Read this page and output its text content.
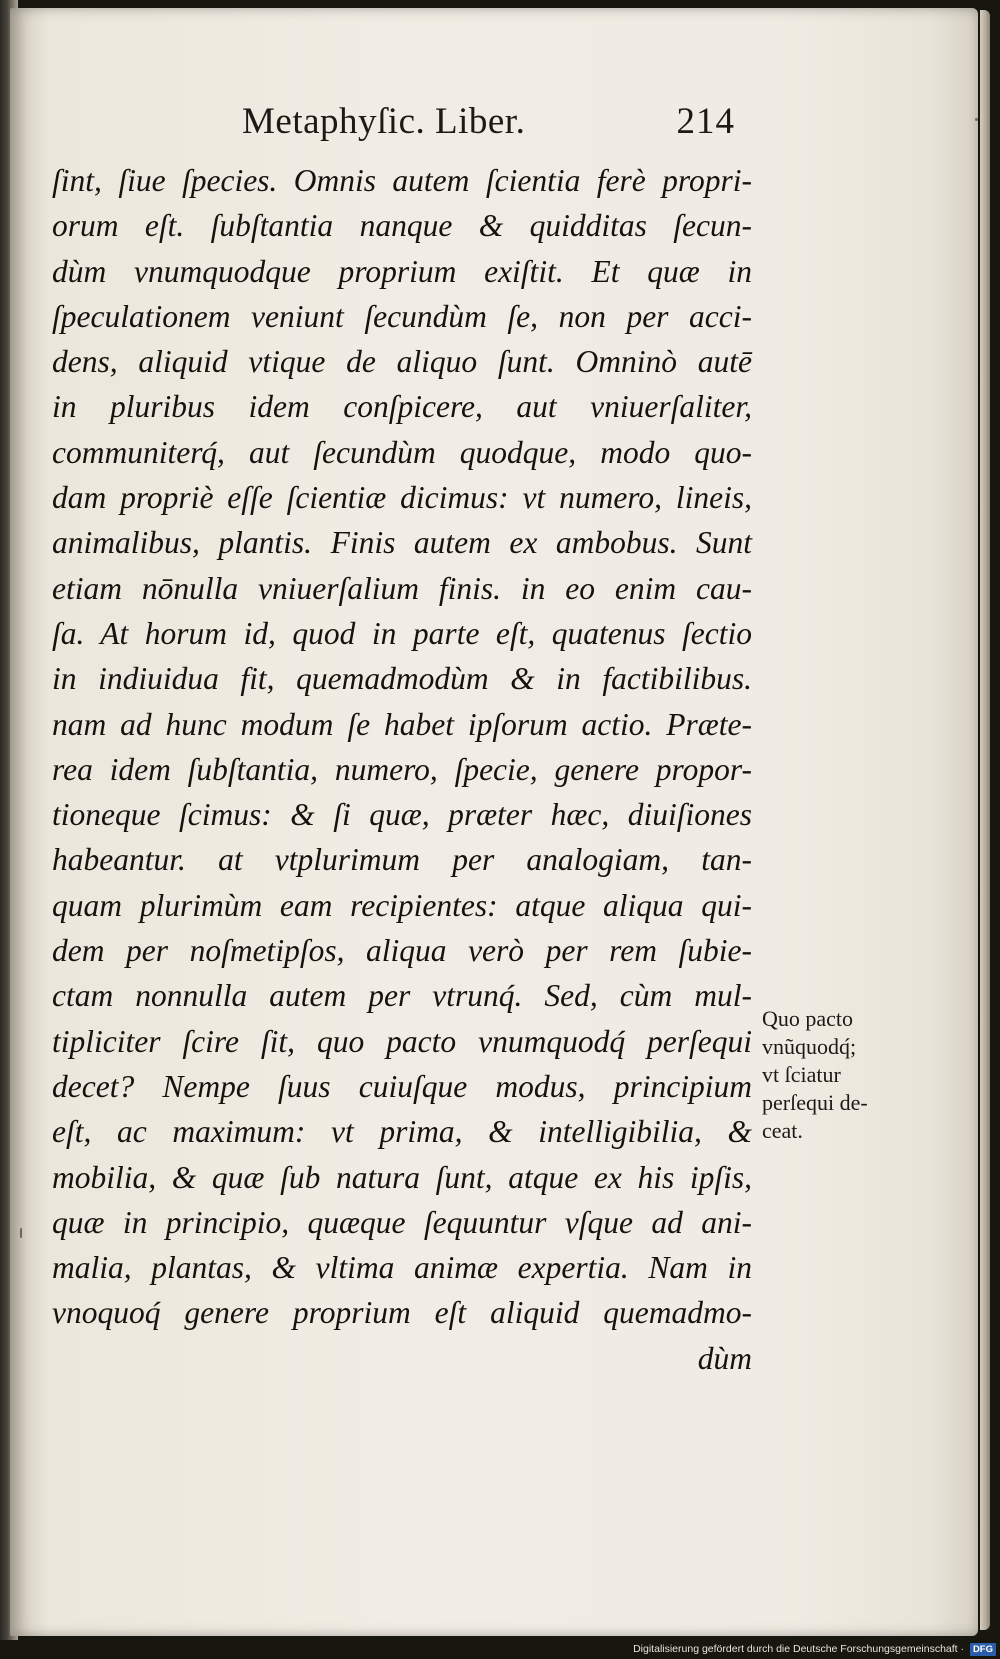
Metaphyſic. Liber.	214
ſint, ſiue ſpecies. Omnis autem ſcientia ferè propri-
orum eſt. ſubſtantia nanque & quidditas ſecun-
dùm vnumquodque proprium exiſtit. Et quæ in
ſpeculationem veniunt ſecundùm ſe, non per acci-
dens, aliquid vtique de aliquo ſunt. Omninò autē
in pluribus idem conſpicere, aut vniuerſaliter,
communiterq́, aut ſecundùm quodque, modo quo-
dam propriè eſſe ſcientiæ dicimus: vt numero, lineis,
animalibus, plantis. Finis autem ex ambobus. Sunt
etiam nōnulla vniuerſalium finis. in eo enim cau-
ſa. At horum id, quod in parte eſt, quatenus ſectio
in indiuidua fit, quemadmodùm & in factibilibus.
nam ad hunc modum ſe habet ipſorum actio. Præte-
rea idem ſubſtantia, numero, ſpecie, genere propor-
tioneque ſcimus: & ſi quæ, præter hæc, diuiſiones
habeantur. at vtplurimum per analogiam, tan-
quam plurimùm eam recipientes: atque aliqua qui-
dem per noſmetipſos, aliqua verò per rem ſubie-
ctam nonnulla autem per vtrunq́. Sed, cùm mul-
tipliciter ſcire ſit, quo pacto vnumquodq́ perſequi
decet? Nempe ſuus cuiuſque modus, principium
eſt, ac maximum: vt prima, & intelligibilia, &
mobilia, & quæ ſub natura ſunt, atque ex his ipſis,
quæ in principio, quæque ſequuntur vſque ad ani-
malia, plantas, & vltima animæ expertia. Nam in
vnoquoq́ genere proprium eſt aliquid quemadmo-
dùm
Quo pacto
vnũquodq́;
vt ſciatur
perſequi de-
ceat.
Digitalisierung gefördert durch die Deutsche Forschungsgemeinschaft · DFG
